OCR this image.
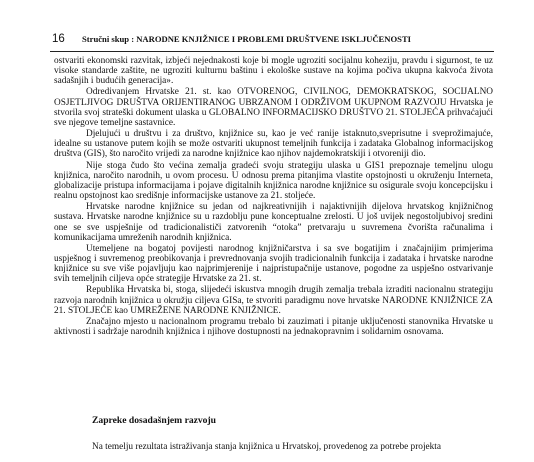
16	Stručni skup : NARODNE KNJIŽNICE I PROBLEMI DRUŠTVENE ISKLJUČENOSTI

ostvariti ekonomski razvitak, izbjeći nejednakosti koje bi mogle ugroziti socijalnu koheziju, pravdu i sigurnost, te uz visoke standarde zaštite, ne ugroziti kulturnu baštinu i ekološke sustave na kojima počiva ukupna kakvoća života sadašnjih i budućih generacija».

Odredivanjem Hrvatske 21. st. kao OTVORENOG, CIVILNOG, DEMOKRATSKOG, SOCIJALNO OSJETLJIVOG DRUŠTVA ORIJENTIRANOG UBRZANOM I ODRŽIVOM UKUPNOM RAZVOJU Hrvatska je stvorila svoj strateški dokument ulaska u GLOBALNO INFORMACIJSKO DRUŠTVO 21. STOLJEĆA prihvaćajući sve njegove temeljne sastavnice.

Djelujući u društvu i za društvo, knjižnice su, kao je već ranije istaknuto,sveprisutne i sveprožimajuće, idealne su ustanove putem kojih se može ostvariti ukupnost temeljnih funkcija i zadataka Globalnog informacijskog društva (GIS), što naročito vrijedi za narodne knjižnice kao njihov najdemokratskiji i otvoreniji dio.

Nije stoga čudo što većina zemalja gradeći svoju strategiju ulaska u GIS1 prepoznaje temeljnu ulogu knjižnica, naročito narodnih, u ovom procesu. U odnosu prema pitanjima vlastite opstojnosti u okruženju Interneta, globalizacije pristupa informacijama i pojave digitalnih knjižnica narodne knjižnice su osigurale svoju koncepcijsku i realnu opstojnost kao središnje informacijske ustanove za 21. stoljeće.

Hrvatske narodne knjižnice su jedan od najkreativnijih i najaktivnijih dijelova hrvatskog knjižničnog sustava. Hrvatske narodne knjižnice su u razdoblju pune konceptualne zrelosti. U još uvijek negostoljubivoj sredini one se sve uspješnije od tradicionalističi zatvorenih “otoka” pretvaraju u suvremena čvorišta računalima i komunikacijama umreženih narodnih knjižnica.

Utemeljene na bogatoj povijesti narodnog knjižničarstva i sa sve bogatijim i značajnijim primjerima uspješnog i suvremenog preobikovanja i prevrednovanja svojih tradicionalnih funkcija i zadataka i hrvatske narodne knjižnice su sve više pojavljuju kao najprimjerenije i najpristupačnije ustanove, pogodne za uspješno ostvarivanje svih temeljnih ciljeva opće strategije Hrvatske za 21. st.

Republika Hrvatska bi, stoga, slijedeći iskustva mnogih drugih zemalja trebala izraditi nacionalnu strategiju razvoja narodnih knjižnica u okružju ciljeva GISa, te stvoriti paradigmu nove hrvatske NARODNE KNJIŽNICE ZA 21. STOLJEĆE kao UMREŽENE NARODNE KNJIŽNICE.

Značajno mjesto u nacionalnom programu trebalo bi zauzimati i pitanje uključenosti stanovnika Hrvatske u aktivnosti i sadržaje narodnih knjižnica i njihove dostupnosti na jednakopravnim i solidarnim osnovama.

Zapreke dosadašnjem razvoju

Na temelju rezultata istraživanja stanja knjižnica u Hrvatskoj, provedenog za potrebe projekta
